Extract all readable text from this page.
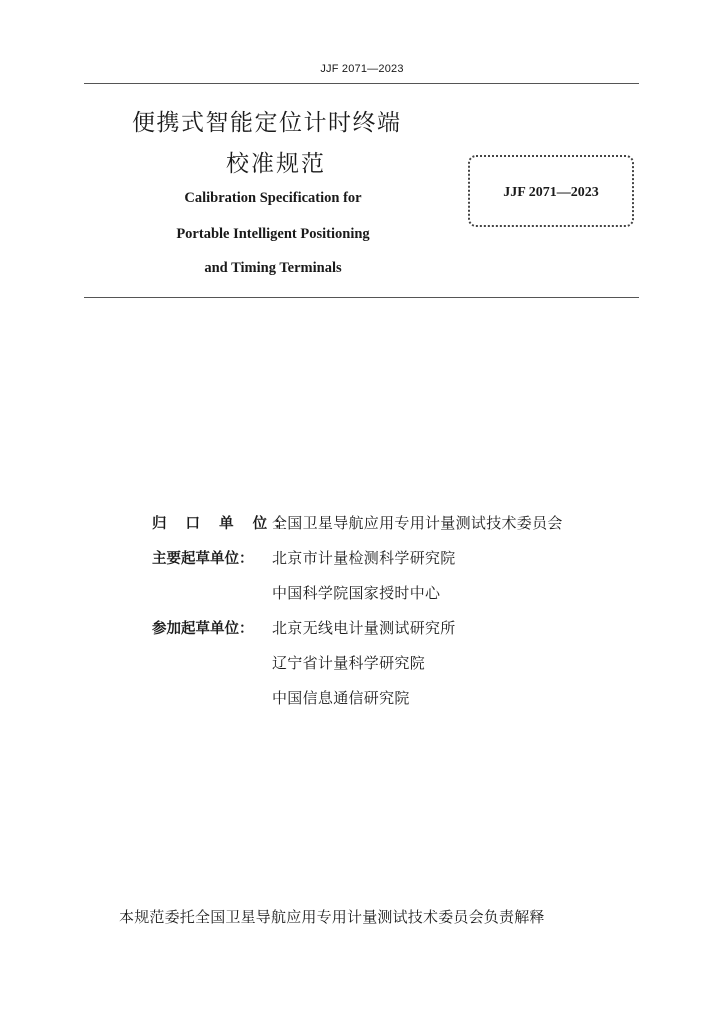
JJF 2071—2023
便携式智能定位计时终端
校准规范
Calibration Specification for
Portable Intelligent Positioning
and Timing Terminals
JJF 2071—2023
归 口 单 位：
全国卫星导航应用专用计量测试技术委员会
主要起草单位：	北京市计量检测科学研究院
中国科学院国家授时中心
参加起草单位：	北京无线电计量测试研究所
辽宁省计量科学研究院
中国信息通信研究院
本规范委托全国卫星导航应用专用计量测试技术委员会负责解释
